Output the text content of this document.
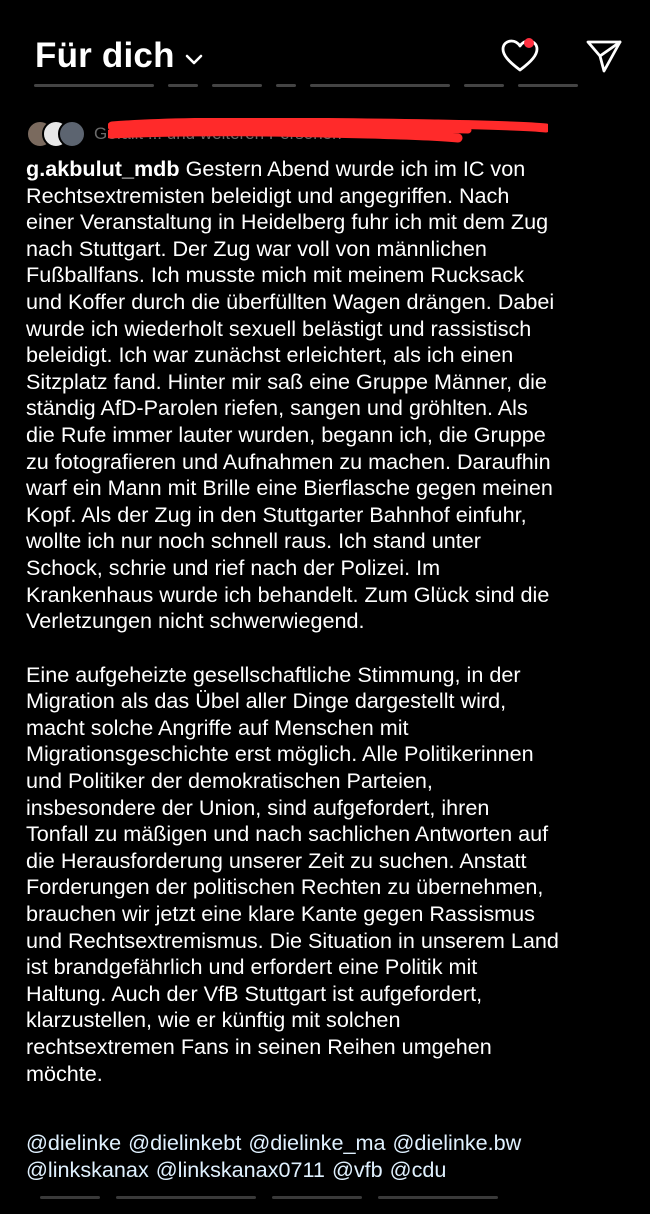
Für dich
Gefällt ... und weiteren Personen
g.akbulut_mdb Gestern Abend wurde ich im IC von
Rechtsextremisten beleidigt und angegriffen. Nach
einer Veranstaltung in Heidelberg fuhr ich mit dem Zug
nach Stuttgart. Der Zug war voll von männlichen
Fußballfans. Ich musste mich mit meinem Rucksack
und Koffer durch die überfüllten Wagen drängen. Dabei
wurde ich wiederholt sexuell belästigt und rassistisch
beleidigt. Ich war zunächst erleichtert, als ich einen
Sitzplatz fand. Hinter mir saß eine Gruppe Männer, die
ständig AfD-Parolen riefen, sangen und gröhlten. Als
die Rufe immer lauter wurden, begann ich, die Gruppe
zu fotografieren und Aufnahmen zu machen. Daraufhin
warf ein Mann mit Brille eine Bierflasche gegen meinen
Kopf. Als der Zug in den Stuttgarter Bahnhof einfuhr,
wollte ich nur noch schnell raus. Ich stand unter
Schock, schrie und rief nach der Polizei. Im
Krankenhaus wurde ich behandelt. Zum Glück sind die
Verletzungen nicht schwerwiegend.
Eine aufgeheizte gesellschaftliche Stimmung, in der
Migration als das Übel aller Dinge dargestellt wird,
macht solche Angriffe auf Menschen mit
Migrationsgeschichte erst möglich. Alle Politikerinnen
und Politiker der demokratischen Parteien,
insbesondere der Union, sind aufgefordert, ihren
Tonfall zu mäßigen und nach sachlichen Antworten auf
die Herausforderung unserer Zeit zu suchen. Anstatt
Forderungen der politischen Rechten zu übernehmen,
brauchen wir jetzt eine klare Kante gegen Rassismus
und Rechtsextremismus. Die Situation in unserem Land
ist brandgefährlich und erfordert eine Politik mit
Haltung. Auch der VfB Stuttgart ist aufgefordert,
klarzustellen, wie er künftig mit solchen
rechtsextremen Fans in seinen Reihen umgehen
möchte.
@dielinke @dielinkebt @dielinke_ma @dielinke.bw
@linkskanax @linkskanax0711 @vfb @cdu
